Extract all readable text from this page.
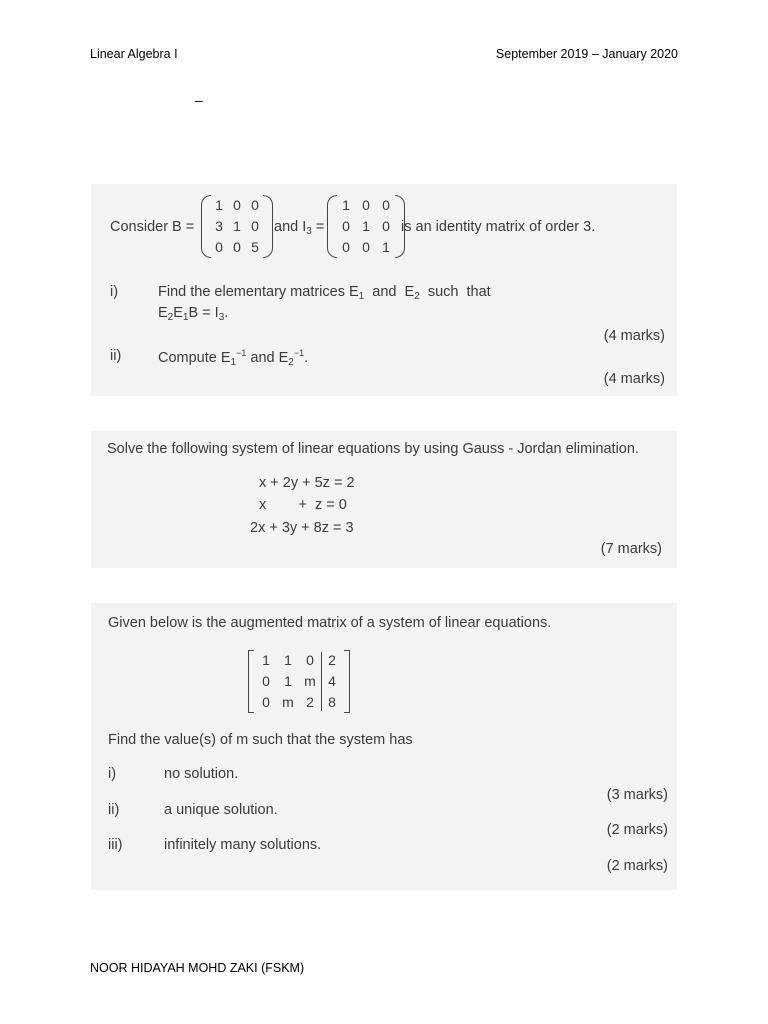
Linear Algebra I	September 2019 – January 2020
–
Consider B =
1 0 0
3 1 0
0 0 5
and $I_3$ =
1 0 0
0 1 0
0 0 1
is an identity matrix of order 3.
i)	Find the elementary matrices $E_1$  and  $E_2$  such  that
$E_2E_1B = I_3$.
(4 marks)
ii)	Compute $E_1^{-1}$ and $E_2^{-1}$.
(4 marks)
Solve the following system of linear equations by using Gauss - Jordan elimination.
x + 2y + 5z = 2
x        +  z = 0
2x + 3y + 8z = 3
(7 marks)
Given below is the augmented matrix of a system of linear equations.
1	1	0	2
0	1 m 4
0 m 2	8
Find the value(s) of m such that the system has
i)	no solution.
(3 marks)
ii)	a unique solution.
(2 marks)
iii)	infinitely many solutions.
(2 marks)
NOOR HIDAYAH MOHD ZAKI (FSKM)
